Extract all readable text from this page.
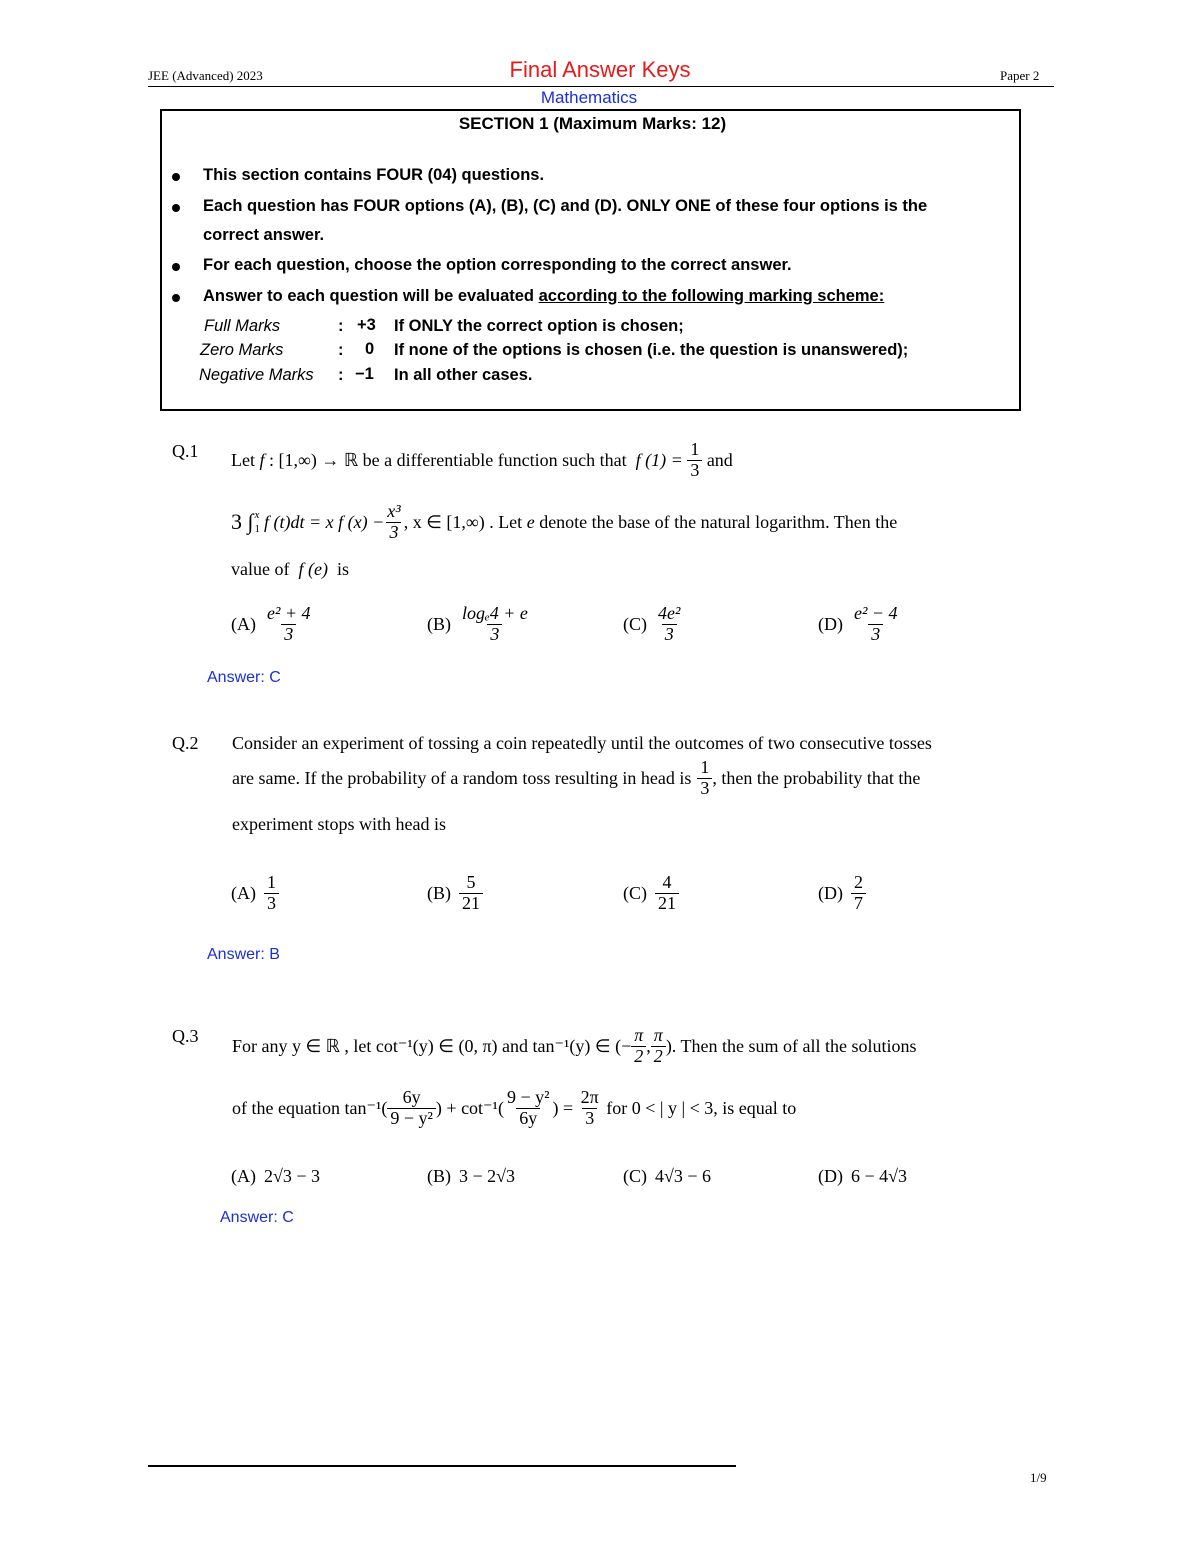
JEE (Advanced) 2023	Final Answer Keys	Paper 2
Mathematics
SECTION 1 (Maximum Marks: 12)
This section contains FOUR (04) questions.
Each question has FOUR options (A), (B), (C) and (D). ONLY ONE of these four options is the
correct answer.
For each question, choose the option corresponding to the correct answer.
Answer to each question will be evaluated according to the following marking scheme:
Full Marks	: +3 If ONLY the correct option is chosen;
Zero Marks	: 0 If none of the options is chosen (i.e. the question is unanswered);
Negative Marks : −1 In all other cases.
Q.1 Let
f
: [1,∞) → ℝ be a differentiable function such that
f (1) =
$\frac{1}{3}$
and
3 ∫ x
1 f (t)dt = x f $(x) - \frac{\text{x³}}{3}$ , x ∈ [1,∞) . Let
e
denote the base of the natural logarithm. Then the
value of f (e) is
$(A) \frac{\text{e² + 4}}{3}$	$(B) \frac{\text{logₑ4 + e}}{3}$	$(C) \frac{\text{4e²}}{3}$	$(D) \frac{\text{e² − 4}}{3}$
Answer: C
Q.2 Consider an experiment of tossing a coin repeatedly until the outcomes of two consecutive tosses
are same. If the probability of a random toss resulting in head is $\frac{1}{3}$ , then the probability that the
experiment stops with head is
$(A) \frac{1}{3}$	$(B) \frac{5}{21}$	$(C) \frac{4}{21}$	$(D) \frac{2}{7}$
Answer: B
Q.3 For any y ∈ ℝ , let cot⁻¹(y) ∈ (0, π) and tan⁻¹(y) ∈ (− $\frac{\pi}{2}$ , $\frac{\pi}{2}$ ). Then the sum of all the solutions
of the equation $\tan^{-1}( \frac{6y}{\text{9 − y²}}$ ) + $\cot^{-1}( \frac{\text{9 − y²}}{6y}$ ) =
$\frac{2\pi}{3}$
for 0 < | y | < 3, is equal to
(A) 2√3 − 3	(B) 3 − 2√3	(C) 4√3 − 6	(D) 6 − 4√3
Answer: C
1/9
